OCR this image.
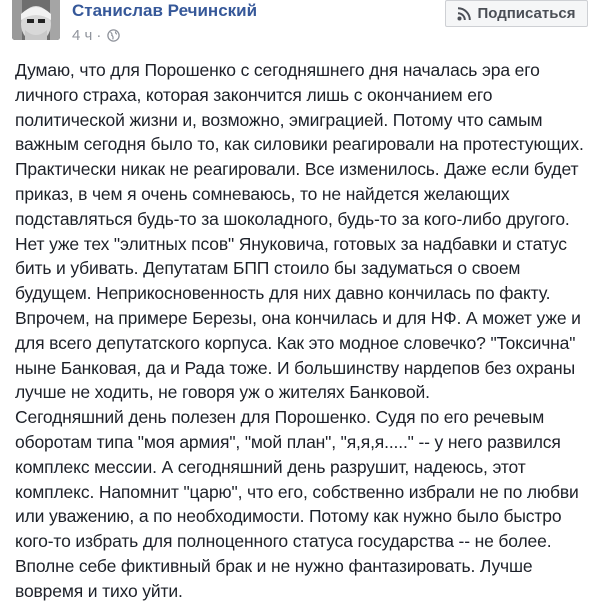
Станислав Речинский
4 ч ·
Подписаться
Думаю, что для Порошенко с сегодняшнего дня началась эра его
личного страха, которая закончится лишь с окончанием его
политической жизни и, возможно, эмиграцией. Потому что самым
важным сегодня было то, как силовики реагировали на протестующих.
Практически никак не реагировали. Все изменилось. Даже если будет
приказ, в чем я очень сомневаюсь, то не найдется желающих
подставляться будь-то за шоколадного, будь-то за кого-либо другого.
Нет уже тех "элитных псов" Януковича, готовых за надбавки и статус
бить и убивать. Депутатам БПП стоило бы задуматься о своем
будущем. Неприкосновенность для них давно кончилась по факту.
Впрочем, на примере Березы, она кончилась и для НФ. А может уже и
для всего депутатского корпуса. Как это модное словечко? "Токсична"
ныне Банковая, да и Рада тоже. И большинству нардепов без охраны
лучше не ходить, не говоря уж о жителях Банковой.
Сегодняшний день полезен для Порошенко. Судя по его речевым
оборотам типа "моя армия", "мой план", "я,я,я....." -- у него развился
комплекс мессии. А сегодняшний день разрушит, надеюсь, этот
комплекс. Напомнит "царю", что его, собственно избрали не по любви
или уважению, а по необходимости. Потому как нужно было быстро
кого-то избрать для полноценного статуса государства -- не более.
Вполне себе фиктивный брак и не нужно фантазировать. Лучше
вовремя и тихо уйти.
